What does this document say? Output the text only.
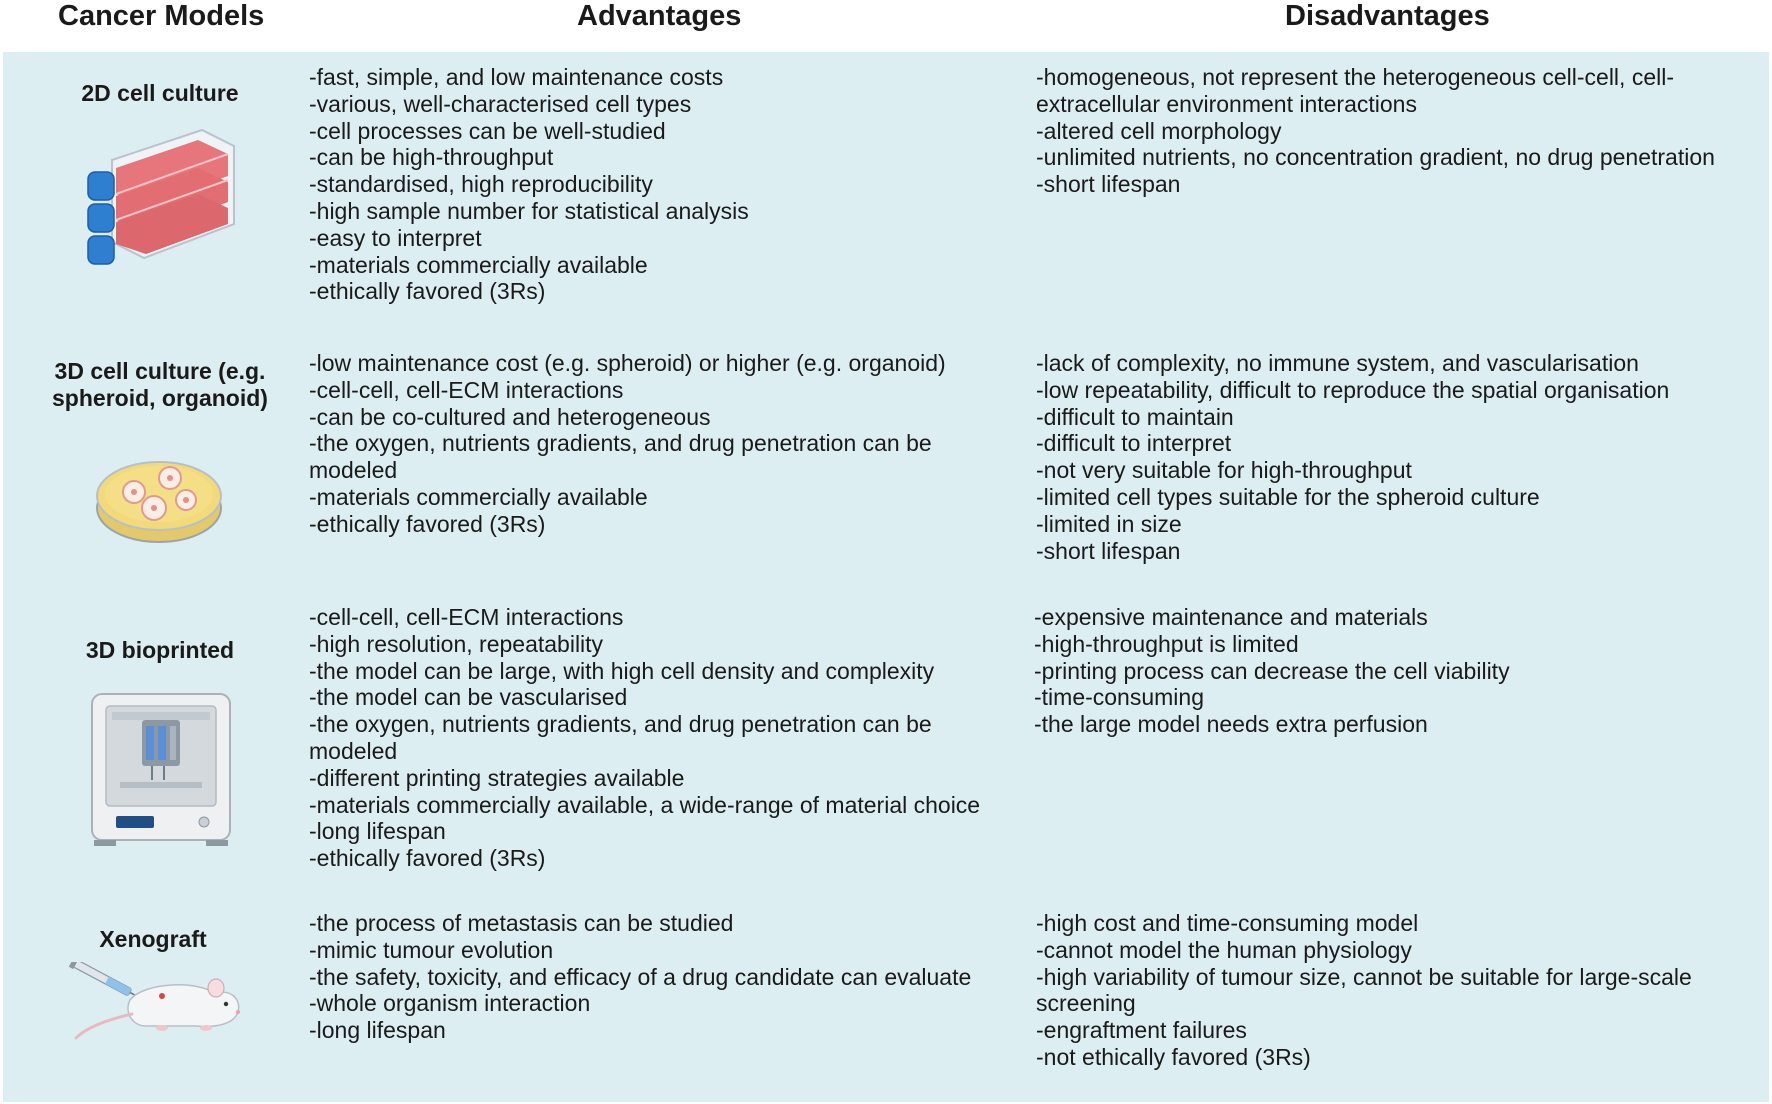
Cancer Models	Advantages	Disadvantages
2D cell culture
-fast, simple, and low maintenance costs
-various, well-characterised cell types
-cell processes can be well-studied
-can be high-throughput
-standardised, high reproducibility
-high sample number for statistical analysis
-easy to interpret
-materials commercially available
-ethically favored (3Rs)
-homogeneous, not represent the heterogeneous cell-cell, cell-
extracellular environment interactions
-altered cell morphology
-unlimited nutrients, no concentration gradient, no drug penetration
-short lifespan
3D cell culture (e.g.
spheroid, organoid)
-low maintenance cost (e.g. spheroid) or higher (e.g. organoid)
-cell-cell, cell-ECM interactions
-can be co-cultured and heterogeneous
-the oxygen, nutrients gradients, and drug penetration can be
modeled
-materials commercially available
-ethically favored (3Rs)
-lack of complexity, no immune system, and vascularisation
-low repeatability, difficult to reproduce the spatial organisation
-difficult to maintain
-difficult to interpret
-not very suitable for high-throughput
-limited cell types suitable for the spheroid culture
-limited in size
-short lifespan
3D bioprinted
-cell-cell, cell-ECM interactions
-high resolution, repeatability
-the model can be large, with high cell density and complexity
-the model can be vascularised
-the oxygen, nutrients gradients, and drug penetration can be
modeled
-different printing strategies available
-materials commercially available, a wide-range of material choice
-long lifespan
-ethically favored (3Rs)
-expensive maintenance and materials
-high-throughput is limited
-printing process can decrease the cell viability
-time-consuming
-the large model needs extra perfusion
Xenograft
-the process of metastasis can be studied
-mimic tumour evolution
-the safety, toxicity, and efficacy of a drug candidate can evaluate
-whole organism interaction
-long lifespan
-high cost and time-consuming model
-cannot model the human physiology
-high variability of tumour size, cannot be suitable for large-scale
screening
-engraftment failures
-not ethically favored (3Rs)
